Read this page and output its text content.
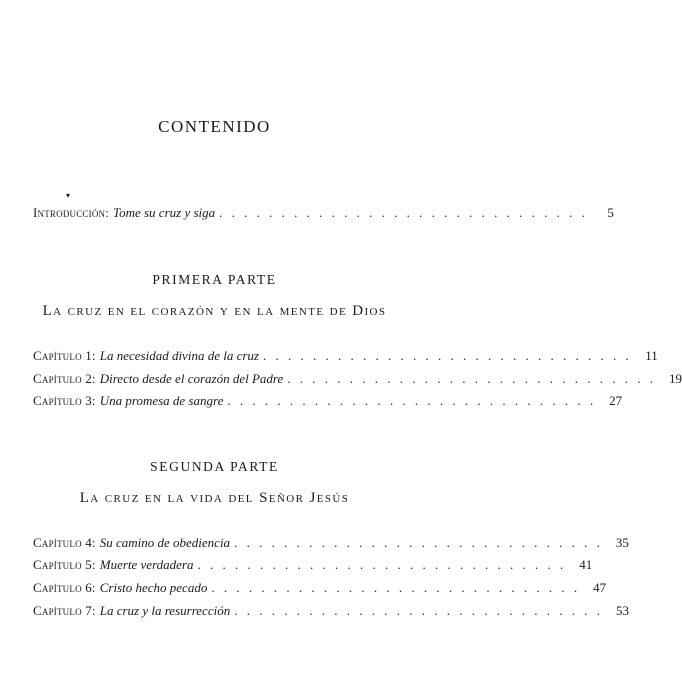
CONTENIDO
▾
Introducción: Tome su cruz y siga . . . . . . . . . . . . . . . . . . . . . . . . . . . . . .	5
PRIMERA PARTE
La cruz en el corazón y en la mente de Dios
Capítulo 1: La necesidad divina de la cruz . . . . . . . . . . . . . . . . . . . . . . . . . . . . . .	11
Capítulo 2: Directo desde el corazón del Padre . . . . . . . . . . . . . . . . . . . . . . . . . . . . . .	19
Capítulo 3: Una promesa de sangre . . . . . . . . . . . . . . . . . . . . . . . . . . . . . .	27
SEGUNDA PARTE
La cruz en la vida del Señor Jesús
Capítulo 4: Su camino de obediencia . . . . . . . . . . . . . . . . . . . . . . . . . . . . . .	35
Capítulo 5: Muerte verdadera . . . . . . . . . . . . . . . . . . . . . . . . . . . . . .	41
Capítulo 6: Cristo hecho pecado . . . . . . . . . . . . . . . . . . . . . . . . . . . . . .	47
Capítulo 7: La cruz y la resurrección . . . . . . . . . . . . . . . . . . . . . . . . . . . . . .	53
